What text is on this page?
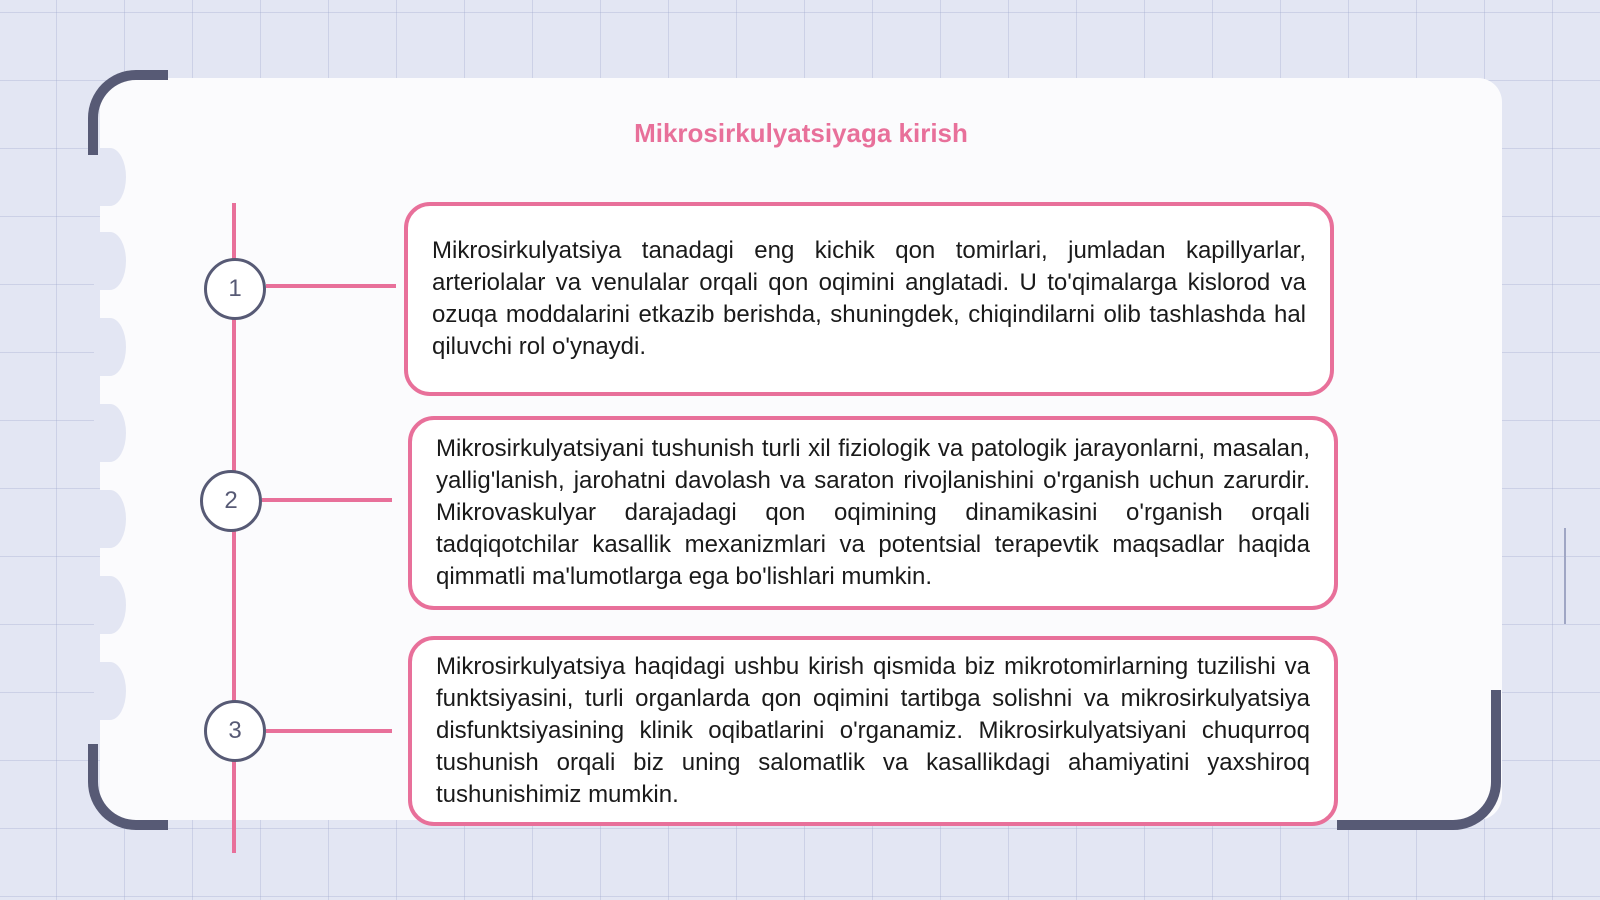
Mikrosirkulyatsiyaga kirish
1
2
3

Mikrosirkulyatsiya tanadagi eng kichik qon tomirlari, jumladan kapillyarlar, arteriolalar va venulalar orqali qon oqimini anglatadi. U to'qimalarga kislorod va ozuqa moddalarini etkazib berishda, shuningdek, chiqindilarni olib tashlashda hal qiluvchi rol o'ynaydi.

Mikrosirkulyatsiyani tushunish turli xil fiziologik va patologik jarayonlarni, masalan, yallig'lanish, jarohatni davolash va saraton rivojlanishini o'rganish uchun zarurdir. Mikrovaskulyar darajadagi qon oqimining dinamikasini o'rganish orqali tadqiqotchilar kasallik mexanizmlari va potentsial terapevtik maqsadlar haqida qimmatli ma'lumotlarga ega bo'lishlari mumkin.

Mikrosirkulyatsiya haqidagi ushbu kirish qismida biz mikrotomirlarning tuzilishi va funktsiyasini, turli organlarda qon oqimini tartibga solishni va mikrosirkulyatsiya disfunktsiyasining klinik oqibatlarini o'rganamiz. Mikrosirkulyatsiyani chuqurroq tushunish orqali biz uning salomatlik va kasallikdagi ahamiyatini yaxshiroq tushunishimiz mumkin.
